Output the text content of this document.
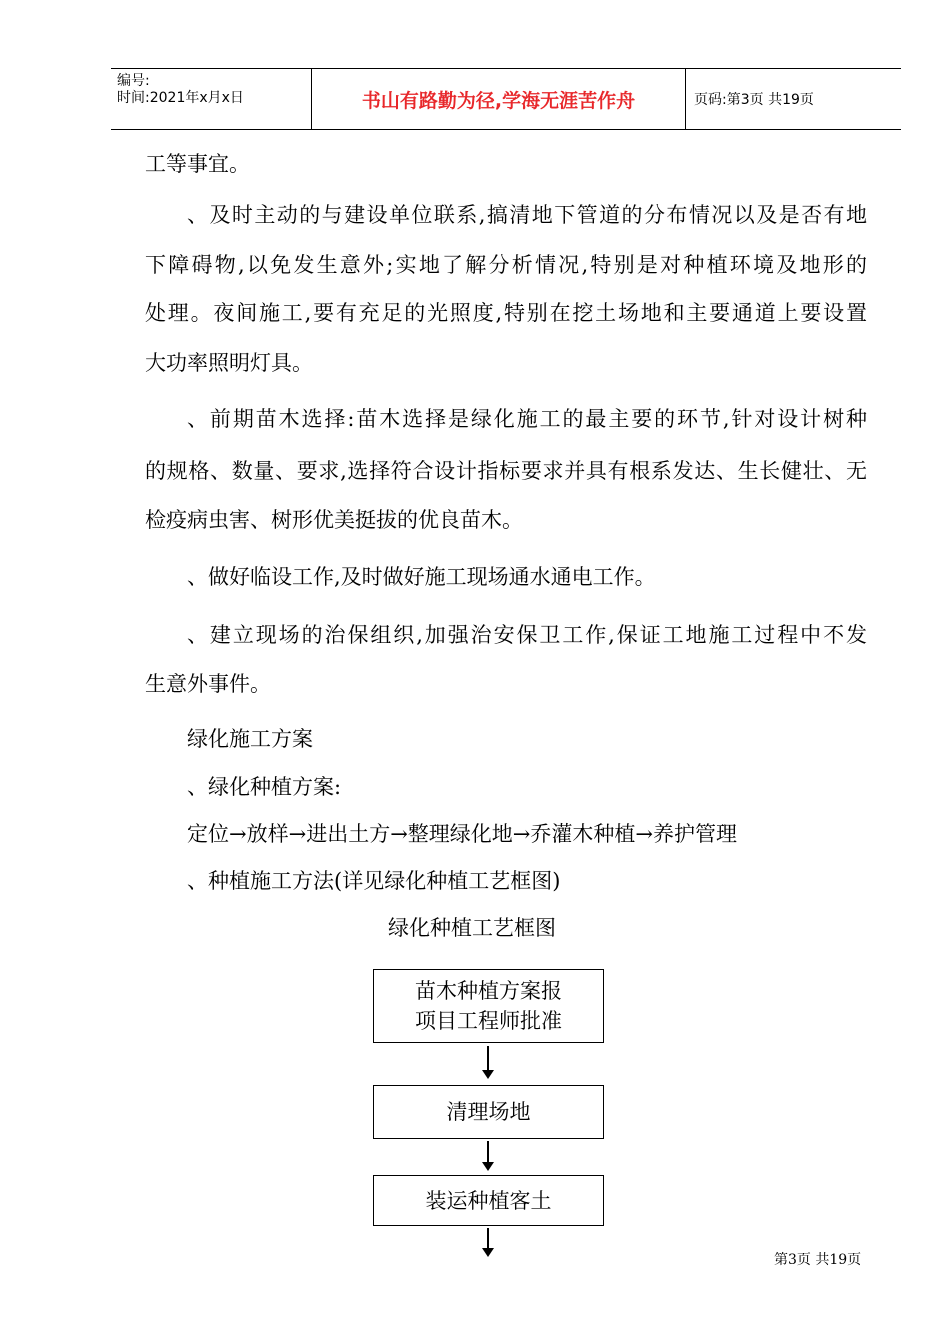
编号:
时间:2021年x月x日	书山有路勤为径,学海无涯苦作舟	页码:第3页 共19页
工等事宜。
、及时主动的与建设单位联系,搞清地下管道的分布情况以及是否有地
下障碍物,以免发生意外;实地了解分析情况,特别是对种植环境及地形的
处理。夜间施工,要有充足的光照度,特别在挖土场地和主要通道上要设置
大功率照明灯具。
、前期苗木选择:苗木选择是绿化施工的最主要的环节,针对设计树种
的规格、数量、要求,选择符合设计指标要求并具有根系发达、生长健壮、无
检疫病虫害、树形优美挺拔的优良苗木。
、做好临设工作,及时做好施工现场通水通电工作。
、建立现场的治保组织,加强治安保卫工作,保证工地施工过程中不发
生意外事件。
绿化施工方案
、绿化种植方案:
定位→放样→进出土方→整理绿化地→乔灌木种植→养护管理
、种植施工方法(详见绿化种植工艺框图)
绿化种植工艺框图
苗木种植方案报
项目工程师批准
清理场地
装运种植客土
第3页 共19页
